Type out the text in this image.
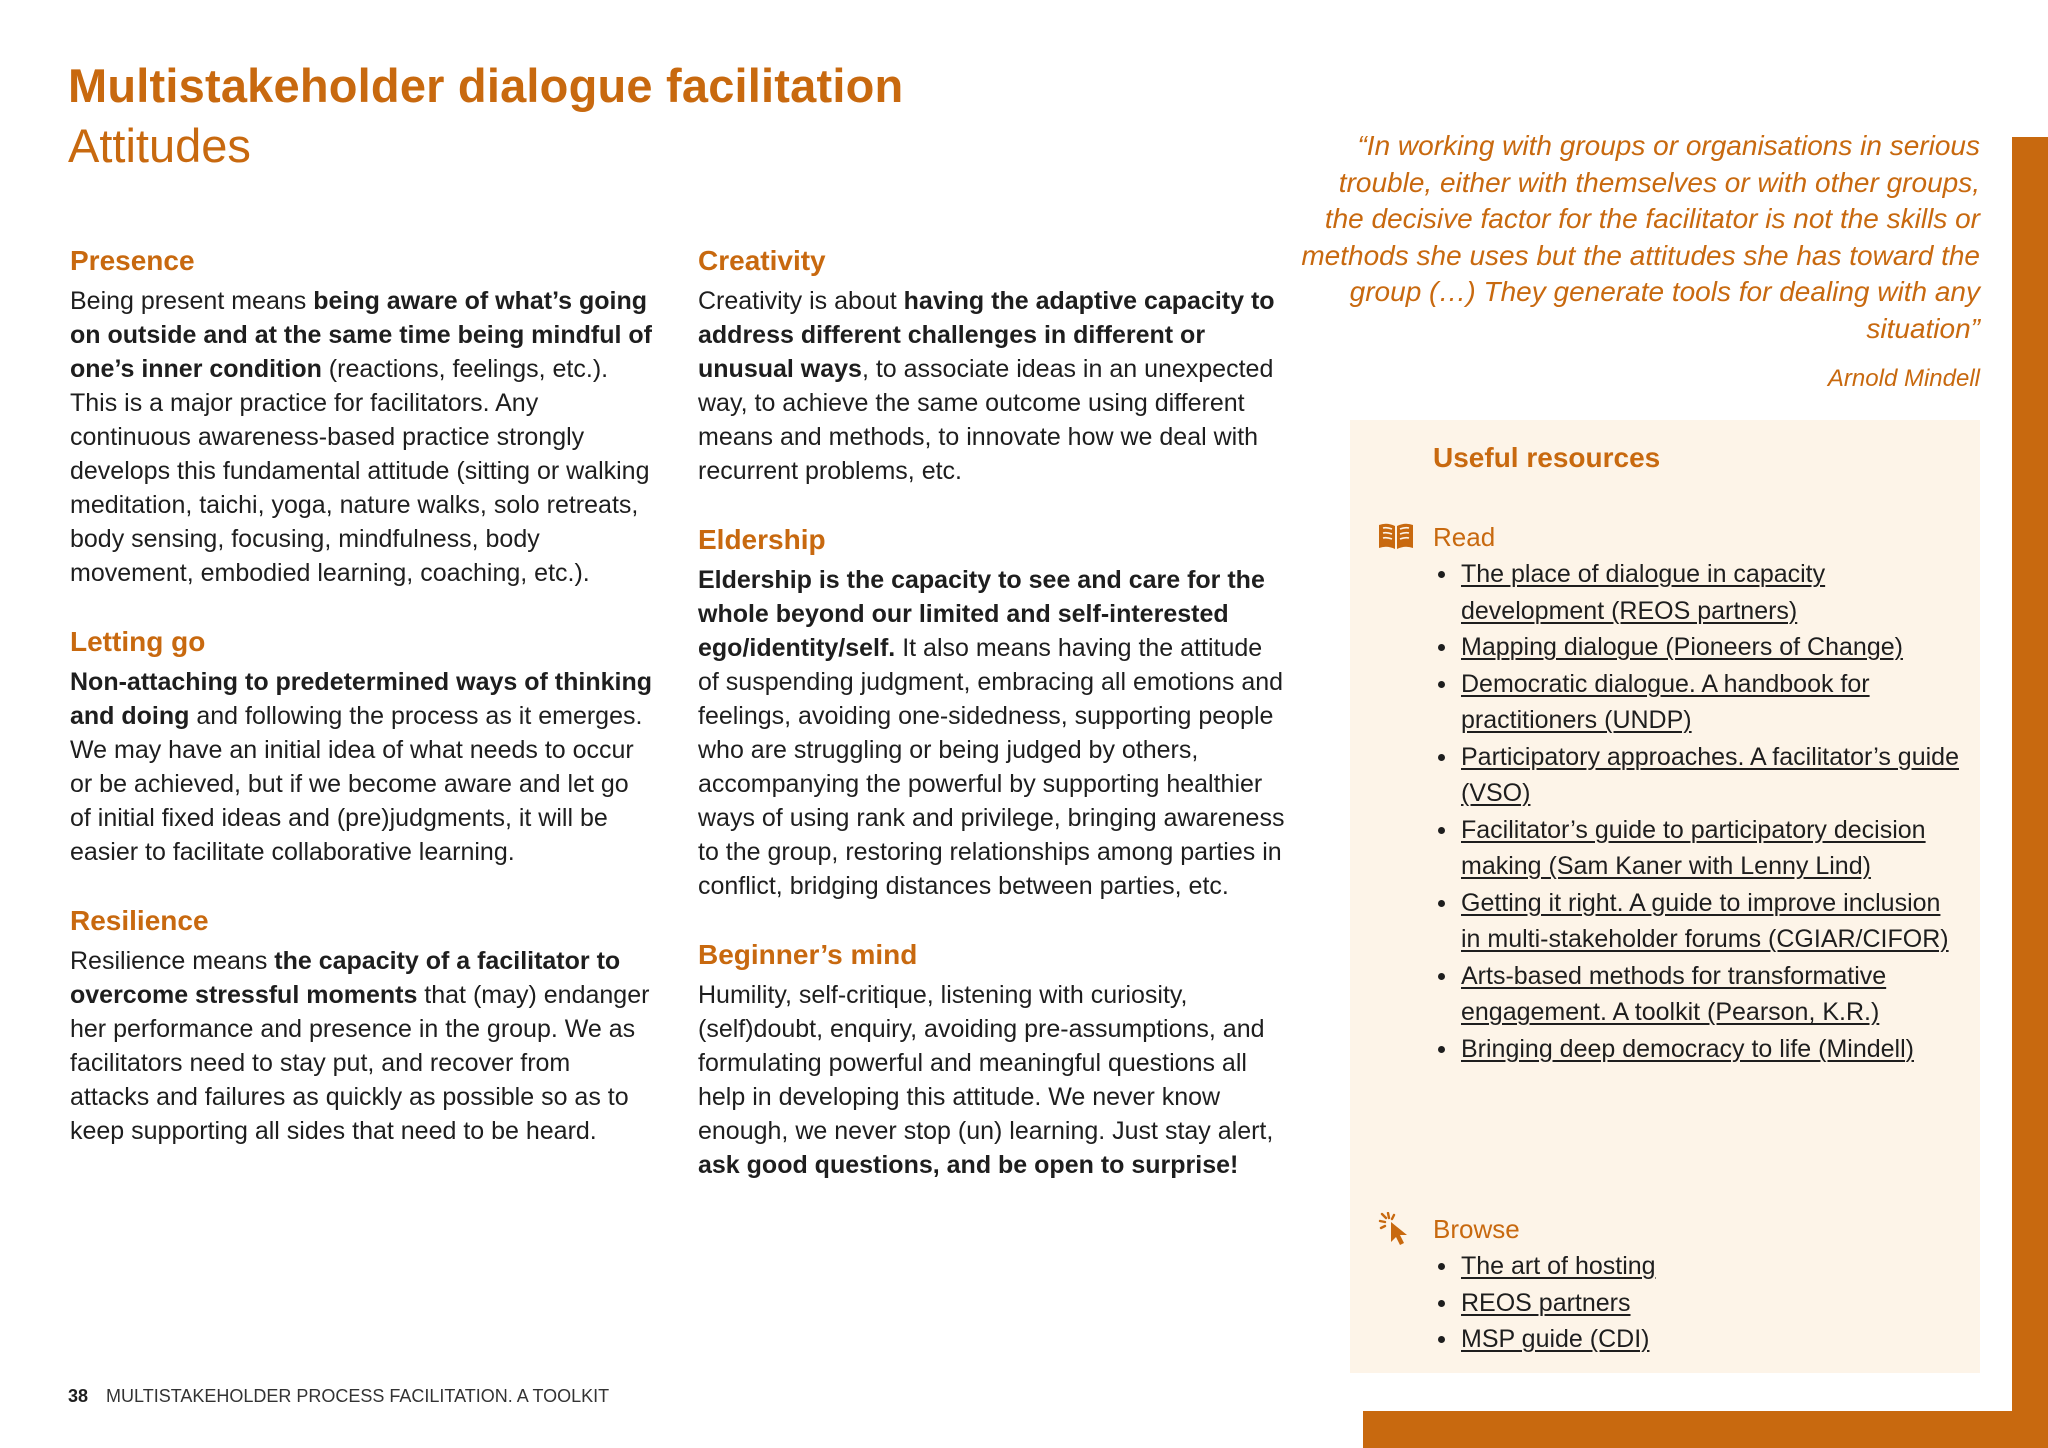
Multistakeholder dialogue facilitation
Attitudes
Presence

Being present means being aware of what’s going on outside and at the same time being mindful of one’s inner condition (reactions, feelings, etc.). This is a major practice for facilitators. Any continuous awareness-based practice strongly develops this fundamental attitude (sitting or walking meditation, taichi, yoga, nature walks, solo retreats, body sensing, focusing, mindfulness, body movement, embodied learning, coaching, etc.).

Letting go

Non-attaching to predetermined ways of thinking and doing and following the process as it emerges. We may have an initial idea of what needs to occur or be achieved, but if we become aware and let go of initial fixed ideas and (pre)judgments, it will be easier to facilitate collaborative learning.

Resilience

Resilience means the capacity of a facilitator to overcome stressful moments that (may) endanger her performance and presence in the group. We as facilitators need to stay put, and recover from attacks and failures as quickly as possible so as to keep supporting all sides that need to be heard.

Creativity

Creativity is about having the adaptive capacity to address different challenges in different or unusual ways, to associate ideas in an unexpected way, to achieve the same outcome using different means and methods, to innovate how we deal with recurrent problems, etc.

Eldership

Eldership is the capacity to see and care for the whole beyond our limited and self-interested ego/identity/self. It also means having the attitude of suspending judgment, embracing all emotions and feelings, avoiding one-sidedness, supporting people who are struggling or being judged by others, accompanying the powerful by supporting healthier ways of using rank and privilege, bringing awareness to the group, restoring relationships among parties in conflict, bridging distances between parties, etc.

Beginner’s mind

Humility, self-critique, listening with curiosity, (self)doubt, enquiry, avoiding pre-assumptions, and formulating powerful and meaningful questions all help in developing this attitude. We never know enough, we never stop (un) learning. Just stay alert, ask good questions, and be open to surprise!

“In working with groups or organisations in serious trouble, either with themselves or with other groups, the decisive factor for the facilitator is not the skills or methods she uses but the attitudes she has toward the group (…) They generate tools for dealing with any situation”
Arnold Mindell
Useful resources
Read
The place of dialogue in capacity development (REOS partners)
Mapping dialogue (Pioneers of Change)
Democratic dialogue. A handbook for practitioners (UNDP)
Participatory approaches. A facilitator’s guide (VSO)
Facilitator’s guide to participatory decision making (Sam Kaner with Lenny Lind)
Getting it right. A guide to improve inclusion in multi-stakeholder forums (CGIAR/CIFOR)
Arts-based methods for transformative engagement. A toolkit (Pearson, K.R.)
Bringing deep democracy to life (Mindell)
Browse
The art of hosting
REOS partners
MSP guide (CDI)
38 MULTISTAKEHOLDER PROCESS FACILITATION. A TOOLKIT
